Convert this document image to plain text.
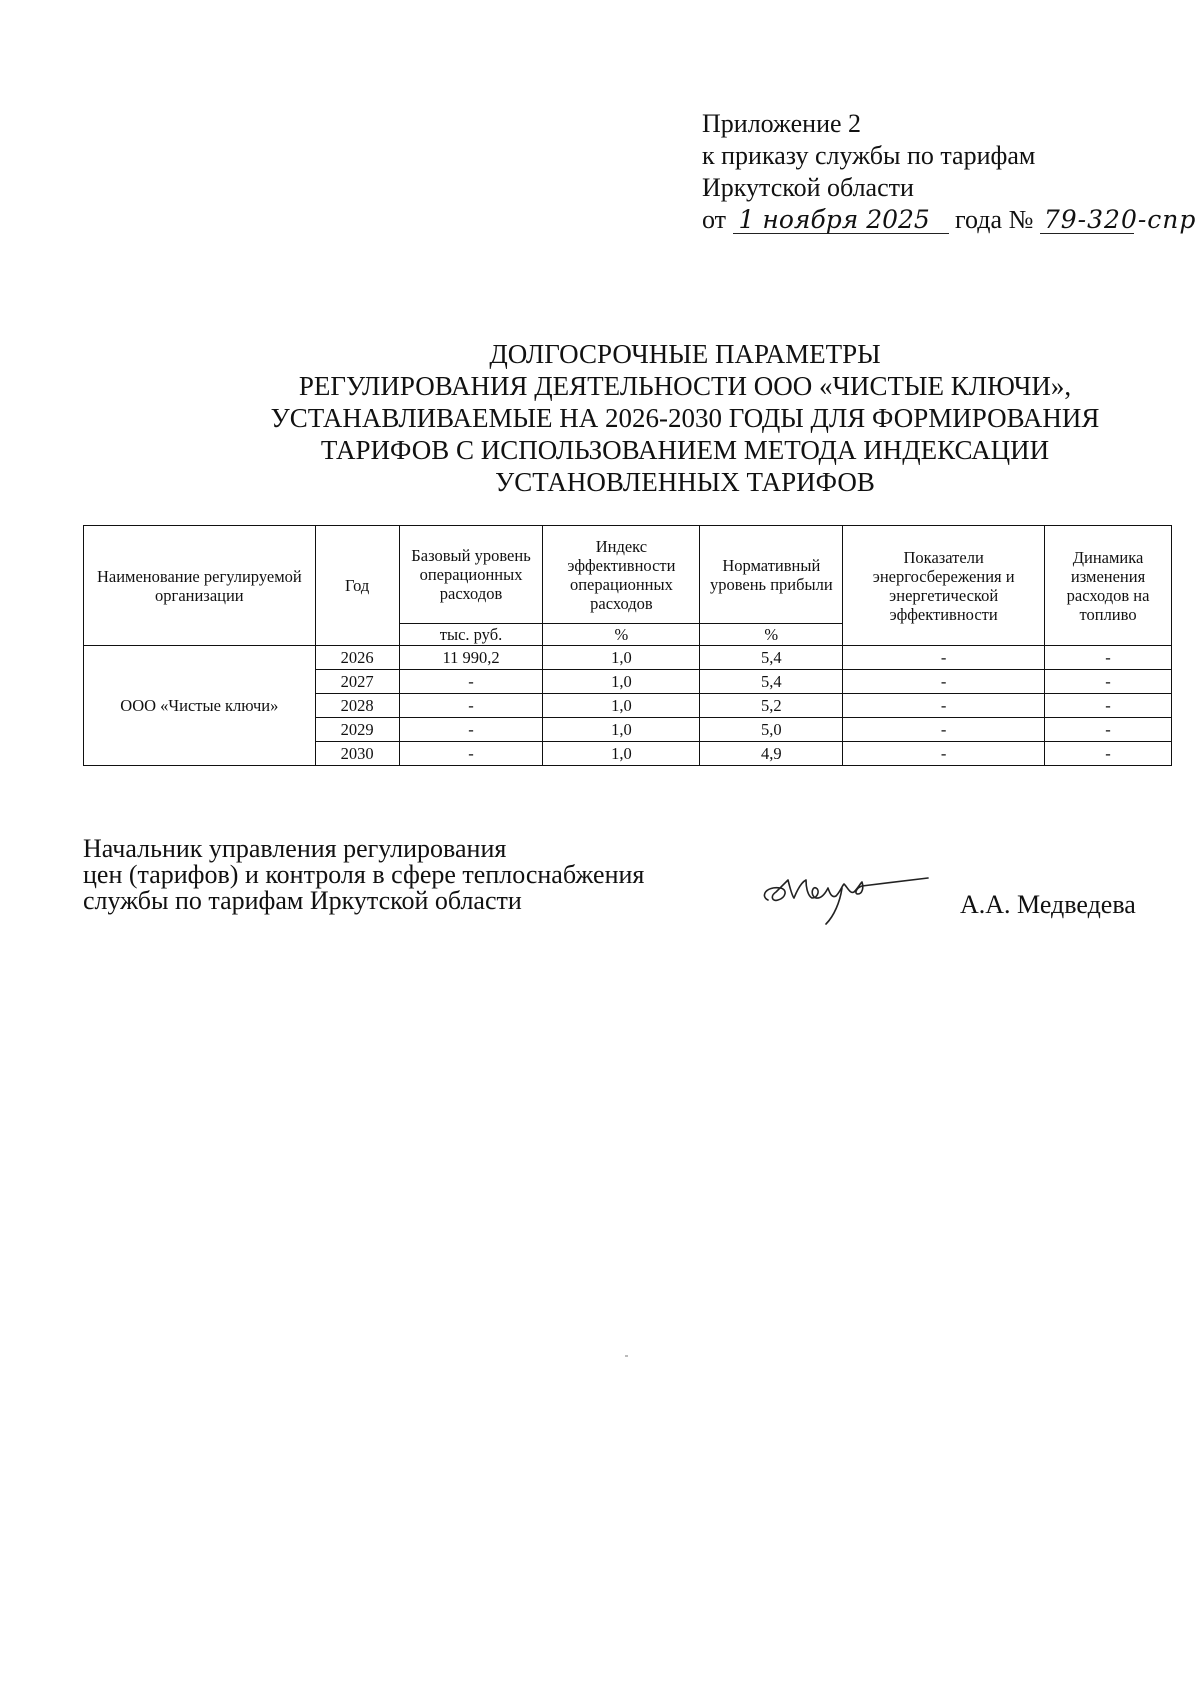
Приложение 2
к приказу службы по тарифам
Иркутской области
от 1 ноября 2025 года № 79-320-спр
ДОЛГОСРОЧНЫЕ ПАРАМЕТРЫ
РЕГУЛИРОВАНИЯ ДЕЯТЕЛЬНОСТИ ООО «ЧИСТЫЕ КЛЮЧИ»,
УСТАНАВЛИВАЕМЫЕ НА 2026-2030 ГОДЫ ДЛЯ ФОРМИРОВАНИЯ
ТАРИФОВ С ИСПОЛЬЗОВАНИЕМ МЕТОДА ИНДЕКСАЦИИ
УСТАНОВЛЕННЫХ ТАРИФОВ
Наименование регулируемой организации	Год	Базовый уровень операционных расходов	Индекс эффективности операционных расходов	Нормативный уровень прибыли	Показатели энергосбережения и энергетической эффективности	Динамика изменения расходов на топливо
		тыс. руб.	%	%		
ООО «Чистые ключи»	2026	11 990,2	1,0	5,4	-	-
	2027	-	1,0	5,4	-	-
	2028	-	1,0	5,2	-	-
	2029	-	1,0	5,0	-	-
	2030	-	1,0	4,9	-	-
Начальник управления регулирования
цен (тарифов) и контроля в сфере теплоснабжения
службы по тарифам Иркутской области	А.А. Медведева
